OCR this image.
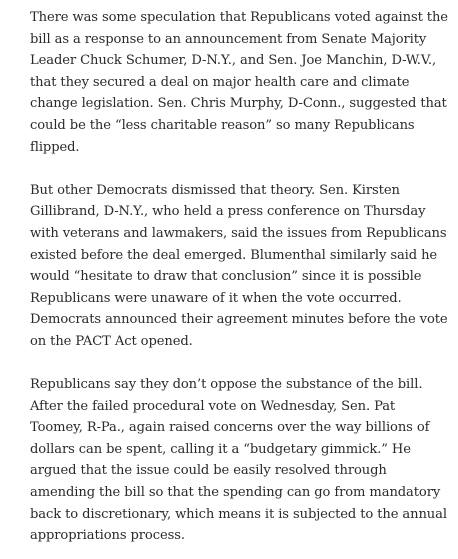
There was some speculation that Republicans voted against the bill as a response to an announcement from Senate Majority Leader Chuck Schumer, D-N.Y., and Sen. Joe Manchin, D-W.V., that they secured a deal on major health care and climate change legislation. Sen. Chris Murphy, D-Conn., suggested that could be the “less charitable reason” so many Republicans flipped.

But other Democrats dismissed that theory. Sen. Kirsten Gillibrand, D-N.Y., who held a press conference on Thursday with veterans and lawmakers, said the issues from Republicans existed before the deal emerged. Blumenthal similarly said he would “hesitate to draw that conclusion” since it is possible Republicans were unaware of it when the vote occurred. Democrats announced their agreement minutes before the vote on the PACT Act opened.

Republicans say they don’t oppose the substance of the bill. After the failed procedural vote on Wednesday, Sen. Pat Toomey, R-Pa., again raised concerns over the way billions of dollars can be spent, calling it a “budgetary gimmick.” He argued that the issue could be easily resolved through amending the bill so that the spending can go from mandatory back to discretionary, which means it is subjected to the annual appropriations process.
